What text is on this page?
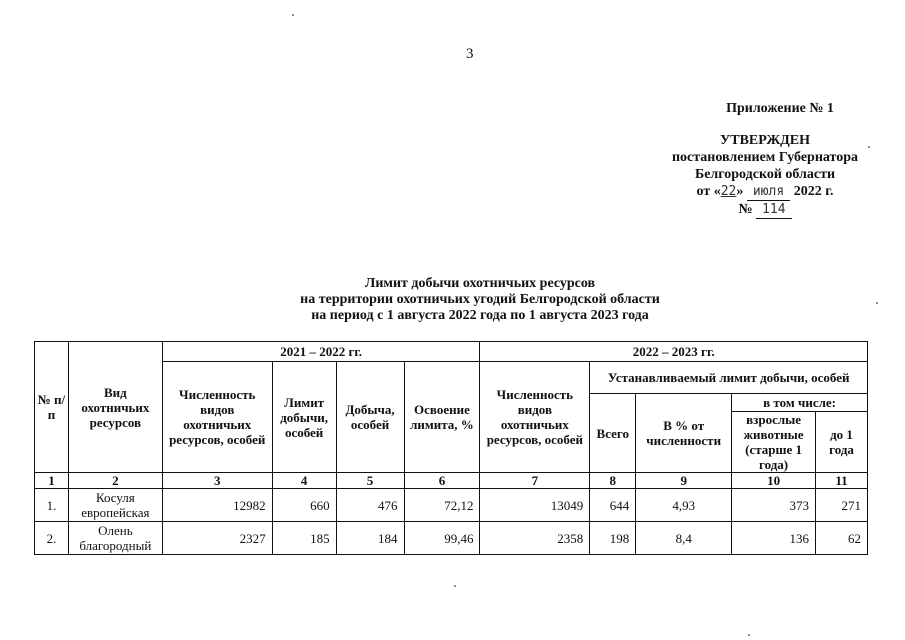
3
Приложение № 1
УТВЕРЖДЕН
постановлением Губернатора
Белгородской области
от «22» июля 2022 г.
№ 114
Лимит добычи охотничьих ресурсов
на территории охотничьих угодий Белгородской области
на период с 1 августа 2022 года по 1 августа 2023 года
№ п/п	Вид охотничьих ресурсов	2021 – 2022 гг.				2022 – 2023 гг.				
		Численность видов охотничьих ресурсов, особей	Лимит добычи, особей	Добыча, особей	Освоение лимита, %	Численность видов охотничьих ресурсов, особей	Устанавливаемый лимит добычи, особей			
							Всего	В % от численности	в том числе:	
									взрослые животные (старше 1 года)	до 1 года
1	2	3	4	5	6	7	8	9	10	11
1.	Косуля европейская	12982	660	476	72,12	13049	644	4,93	373	271
2.	Олень благородный	2327	185	184	99,46	2358	198	8,4	136	62
